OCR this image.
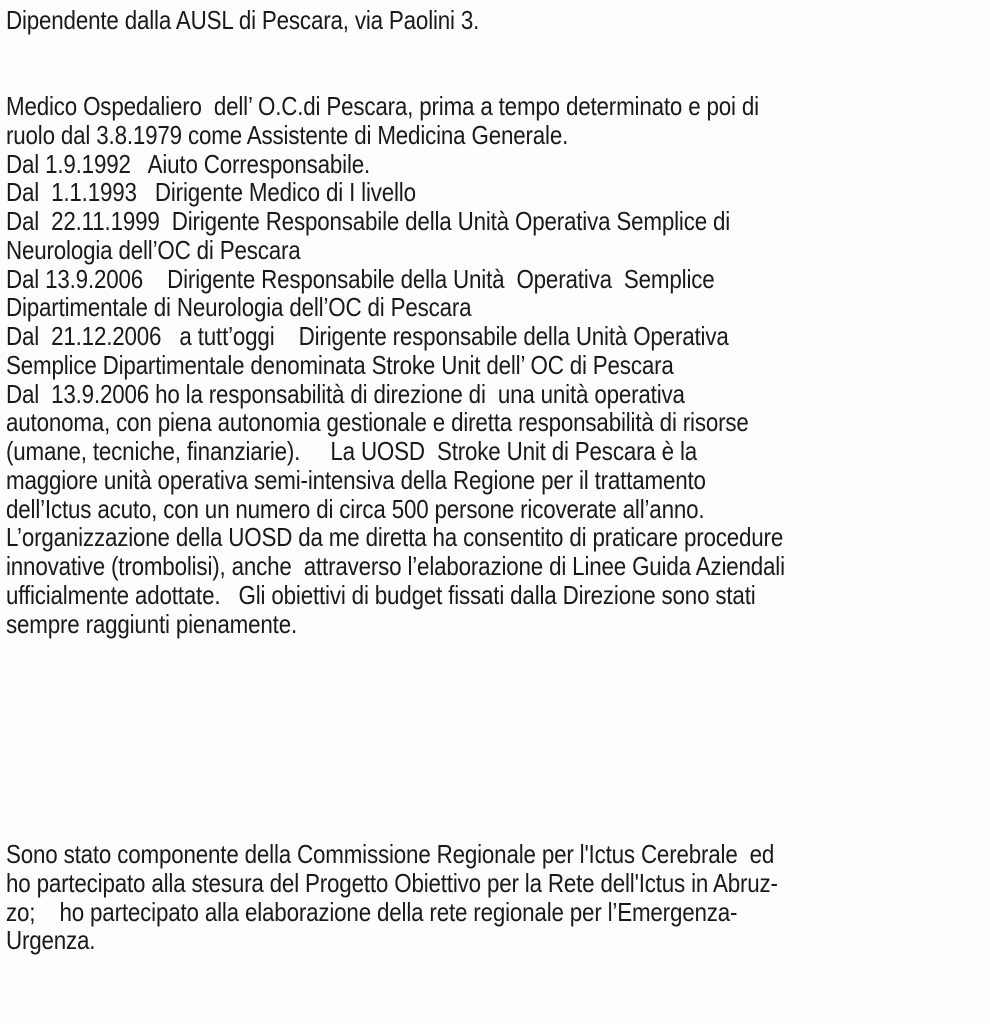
Dipendente dalla AUSL di Pescara, via Paolini 3.
Medico Ospedaliero  dell’ O.C.di Pescara, prima a tempo determinato e poi di
ruolo dal 3.8.1979 come Assistente di Medicina Generale.
Dal 1.9.1992   Aiuto Corresponsabile.
Dal  1.1.1993   Dirigente Medico di I livello
Dal  22.11.1999  Dirigente Responsabile della Unità Operativa Semplice di
Neurologia dell’OC di Pescara
Dal 13.9.2006    Dirigente Responsabile della Unità  Operativa  Semplice
Dipartimentale di Neurologia dell’OC di Pescara
Dal  21.12.2006   a tutt’oggi    Dirigente responsabile della Unità Operativa
Semplice Dipartimentale denominata Stroke Unit dell’ OC di Pescara
Dal  13.9.2006 ho la responsabilità di direzione di  una unità operativa
autonoma, con piena autonomia gestionale e diretta responsabilità di risorse
(umane, tecniche, finanziarie).     La UOSD  Stroke Unit di Pescara è la
maggiore unità operativa semi-intensiva della Regione per il trattamento
dell’Ictus acuto, con un numero di circa 500 persone ricoverate all’anno.
L’organizzazione della UOSD da me diretta ha consentito di praticare procedure
innovative (trombolisi), anche  attraverso l’elaborazione di Linee Guida Aziendali
ufficialmente adottate.   Gli obiettivi di budget fissati dalla Direzione sono stati
sempre raggiunti pienamente.
Sono stato componente della Commissione Regionale per l'Ictus Cerebrale  ed
ho partecipato alla stesura del Progetto Obiettivo per la Rete dell'Ictus in Abruz-
zo;    ho partecipato alla elaborazione della rete regionale per l’Emergenza-
Urgenza.
